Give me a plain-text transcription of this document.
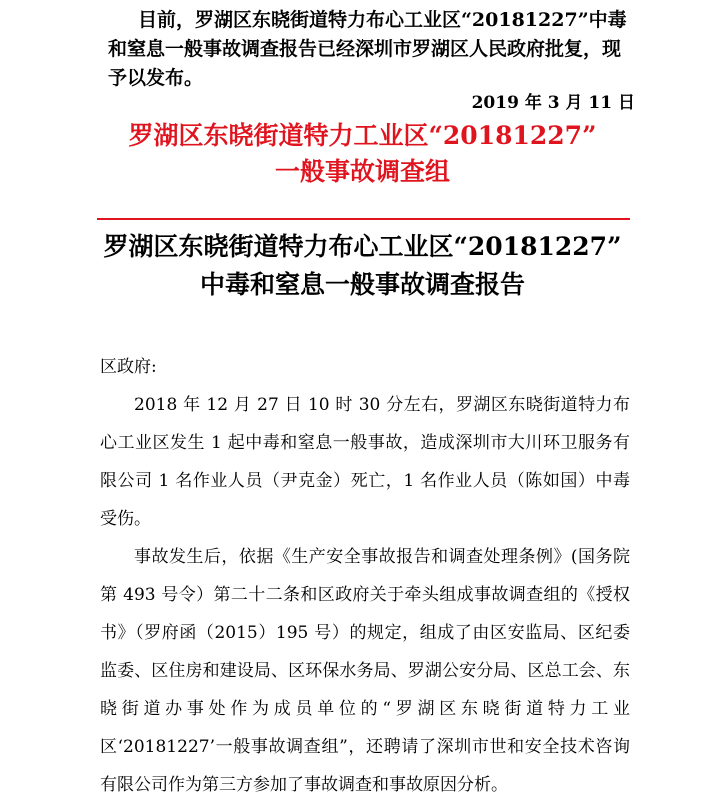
目前，罗湖区东晓街道特力布心工业区“20181227”中毒和窒息一般事故调查报告已经深圳市罗湖区人民政府批复，现予以发布。

2019 年 3 月 11 日
罗湖区东晓街道特力工业区“20181227”
一般事故调查组
罗湖区东晓街道特力布心工业区“20181227”
中毒和窒息一般事故调查报告

区政府:

2018 年 12 月 27 日 10 时 30 分左右，罗湖区东晓街道特力布心工业区发生 1 起中毒和窒息一般事故，造成深圳市大川环卫服务有限公司 1 名作业人员（尹克金）死亡，1 名作业人员（陈如国）中毒受伤。

事故发生后，依据《生产安全事故报告和调查处理条例》(国务院第 493 号令）第二十二条和区政府关于牵头组成事故调查组的《授权书》（罗府函（2015）195 号）的规定，组成了由区安监局、区纪委监委、区住房和建设局、区环保水务局、罗湖公安分局、区总工会、东晓街道办事处作为成员单位的“罗湖区东晓街道特力工业区‘20181227’一般事故调查组”，还聘请了深圳市世和安全技术咨询有限公司作为第三方参加了事故调查和事故原因分析。
